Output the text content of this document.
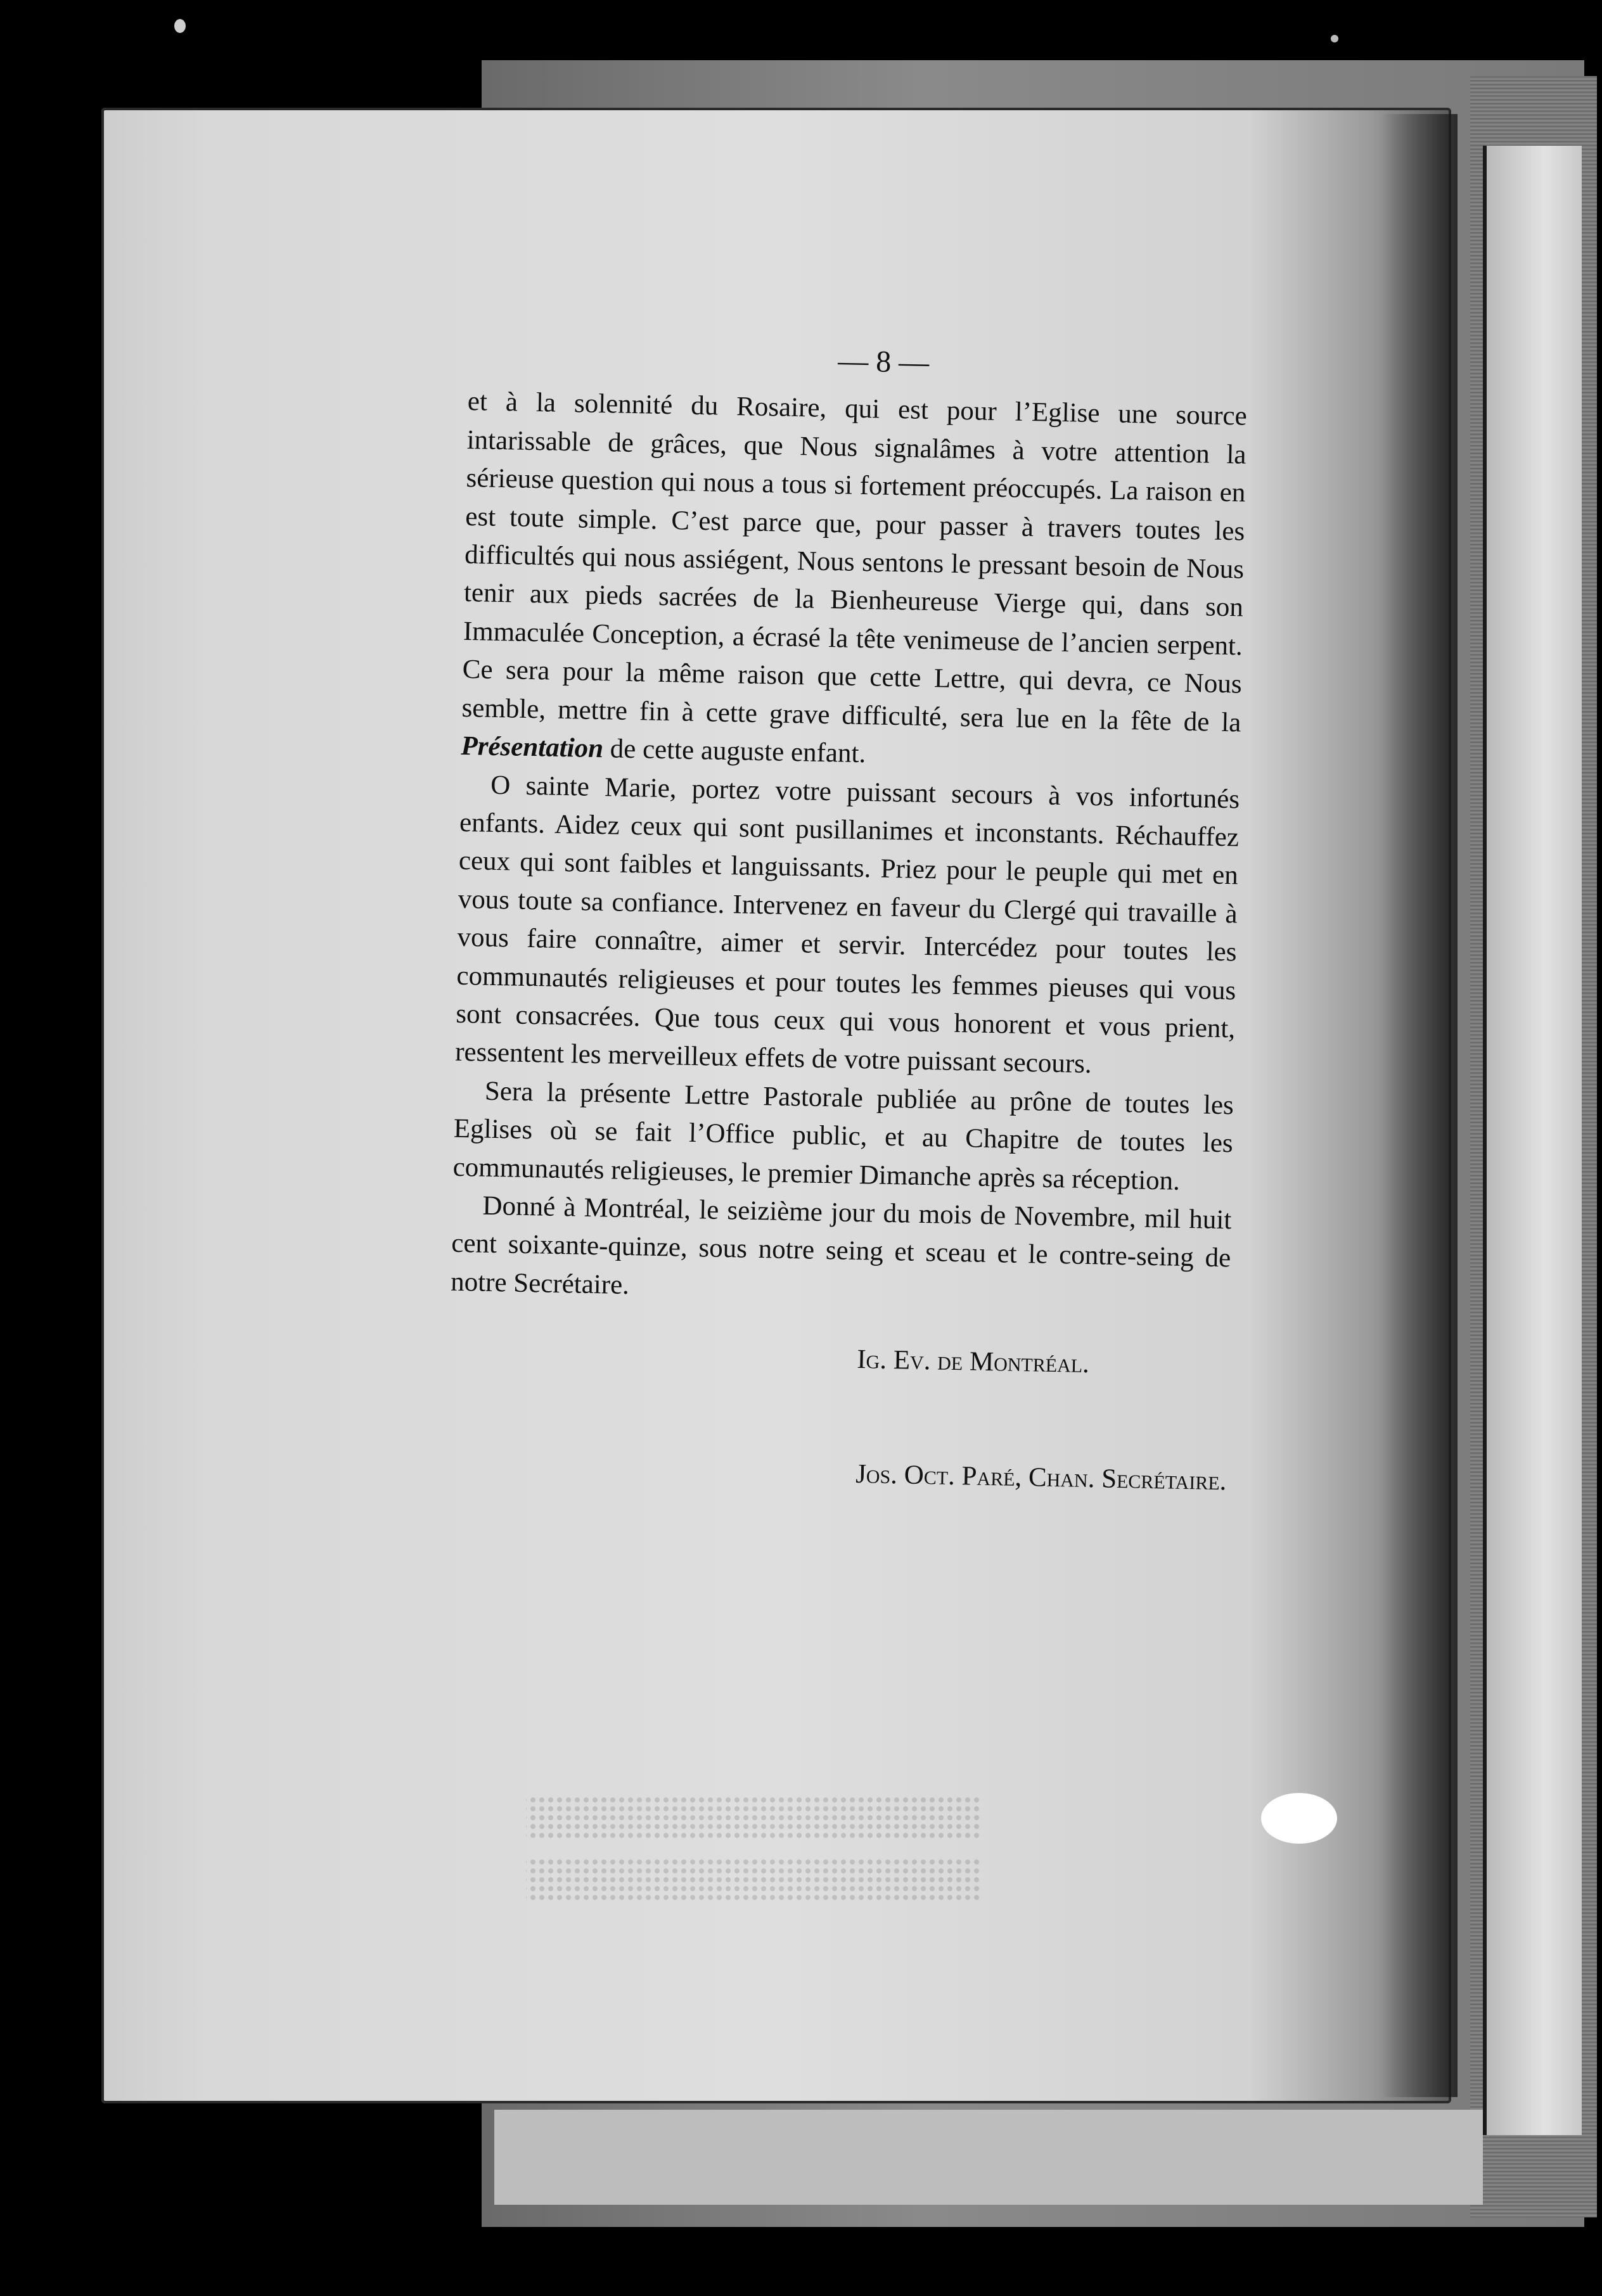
— 8 —

et à la solennité du Rosaire, qui est pour l’Eglise une source intarissable de grâces, que Nous signalâmes à votre attention la sérieuse question qui nous a tous si fortement préoccupés. La raison en est toute simple. C’est parce que, pour passer à travers toutes les difficultés qui nous assiégent, Nous sentons le pressant besoin de Nous tenir aux pieds sacrées de la Bienheureuse Vierge qui, dans son Immaculée Conception, a écrasé la tête venimeuse de l’ancien serpent. Ce sera pour la même raison que cette Lettre, qui devra, ce Nous semble, mettre fin à cette grave difficulté, sera lue en la fête de la Présentation de cette auguste enfant.

O sainte Marie, portez votre puissant secours à vos infortunés enfants. Aidez ceux qui sont pusillanimes et inconstants. Réchauffez ceux qui sont faibles et languissants. Priez pour le peuple qui met en vous toute sa confiance. Intervenez en faveur du Clergé qui travaille à vous faire connaître, aimer et servir. Intercédez pour toutes les communautés religieuses et pour toutes les femmes pieuses qui vous sont consacrées. Que tous ceux qui vous honorent et vous prient, ressentent les merveilleux effets de votre puissant secours.

Sera la présente Lettre Pastorale publiée au prône de toutes les Eglises où se fait l’Office public, et au Chapitre de toutes les communautés religieuses, le premier Dimanche après sa réception.

Donné à Montréal, le seizième jour du mois de Novembre, mil huit cent soixante-quinze, sous notre seing et sceau et le contre-seing de notre Secrétaire.

Ig. Ev. de Montréal.

Jos. Oct. Paré, Chan. Secrétaire.
